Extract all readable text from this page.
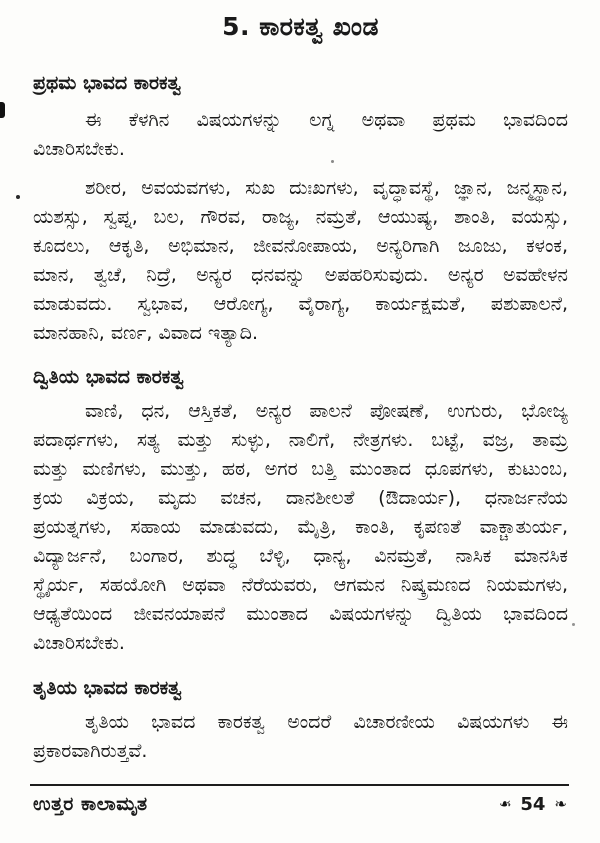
5. ಕಾರಕತ್ವ ಖಂಡ
ಪ್ರಥಮ ಭಾವದ ಕಾರಕತ್ವ
ಈ ಕೆಳಗಿನ ವಿಷಯಗಳನ್ನು ಲಗ್ನ ಅಥವಾ ಪ್ರಥಮ ಭಾವದಿಂದ
ವಿಚಾರಿಸಬೇಕು.
ಶರೀರ, ಅವಯವಗಳು, ಸುಖ ದುಃಖಗಳು, ವೃದ್ಧಾವಸ್ಥೆ, ಜ್ಞಾನ, ಜನ್ಮಸ್ಥಾನ,
ಯಶಸ್ಸು, ಸ್ವಪ್ನ, ಬಲ, ಗೌರವ, ರಾಜ್ಯ, ನಮ್ರತೆ, ಆಯುಷ್ಯ, ಶಾಂತಿ, ವಯಸ್ಸು,
ಕೂದಲು, ಆಕೃತಿ, ಅಭಿಮಾನ, ಜೀವನೋಪಾಯ, ಅನ್ಯರಿಗಾಗಿ ಜೂಜು, ಕಳಂಕ,
ಮಾನ, ತ್ವಚೆ, ನಿದ್ರೆ, ಅನ್ಯರ ಧನವನ್ನು ಅಪಹರಿಸುವುದು. ಅನ್ಯರ ಅವಹೇಳನ
ಮಾಡುವದು. ಸ್ವಭಾವ, ಆರೋಗ್ಯ, ವೈರಾಗ್ಯ, ಕಾರ್ಯಕ್ಷಮತೆ, ಪಶುಪಾಲನೆ,
ಮಾನಹಾನಿ, ವರ್ಣ, ವಿವಾದ ಇತ್ಯಾದಿ.
ದ್ವಿತಿಯ ಭಾವದ ಕಾರಕತ್ವ
ವಾಣಿ, ಧನ, ಆಸ್ತಿಕತೆ, ಅನ್ಯರ ಪಾಲನೆ ಪೋಷಣೆ, ಉಗುರು, ಭೋಜ್ಯ
ಪದಾರ್ಥಗಳು, ಸತ್ಯ ಮತ್ತು ಸುಳ್ಳು, ನಾಲಿಗೆ, ನೇತ್ರಗಳು. ಬಟ್ಟೆ, ವಜ್ರ, ತಾಮ್ರ
ಮತ್ತು ಮಣಿಗಳು, ಮುತ್ತು, ಹಠ, ಅಗರ ಬತ್ತಿ ಮುಂತಾದ ಧೂಪಗಳು, ಕುಟುಂಬ,
ಕ್ರಯ ವಿಕ್ರಯ, ಮೃದು ವಚನ, ದಾನಶೀಲತೆ (ಔದಾರ್ಯ), ಧನಾರ್ಜನೆಯ
ಪ್ರಯತ್ನಗಳು, ಸಹಾಯ ಮಾಡುವದು, ಮೈತ್ರಿ, ಕಾಂತಿ, ಕೃಪಣತೆ ವಾಕ್ಚಾತುರ್ಯ,
ವಿದ್ಯಾರ್ಜನೆ, ಬಂಗಾರ, ಶುದ್ಧ ಬೆಳ್ಳಿ, ಧಾನ್ಯ, ವಿನಮ್ರತೆ, ನಾಸಿಕ ಮಾನಸಿಕ
ಸ್ಥೈರ್ಯ, ಸಹಯೋಗಿ ಅಥವಾ ನೆರೆಯವರು, ಆಗಮನ ನಿಷ್ಕ್ರಮಣದ ನಿಯಮಗಳು,
ಆಢ್ಯತೆಯಿಂದ ಜೀವನಯಾಪನೆ ಮುಂತಾದ ವಿಷಯಗಳನ್ನು ದ್ವಿತಿಯ ಭಾವದಿಂದ
ವಿಚಾರಿಸಬೇಕು.
ತೃತಿಯ ಭಾವದ ಕಾರಕತ್ವ
ತೃತಿಯ ಭಾವದ ಕಾರಕತ್ವ ಅಂದರೆ ವಿಚಾರಣೀಯ ವಿಷಯಗಳು ಈ
ಪ್ರಕಾರವಾಗಿರುತ್ತವೆ.
ಉತ್ತರ ಕಾಲಾಮೃತ	❧ 54 ❧
